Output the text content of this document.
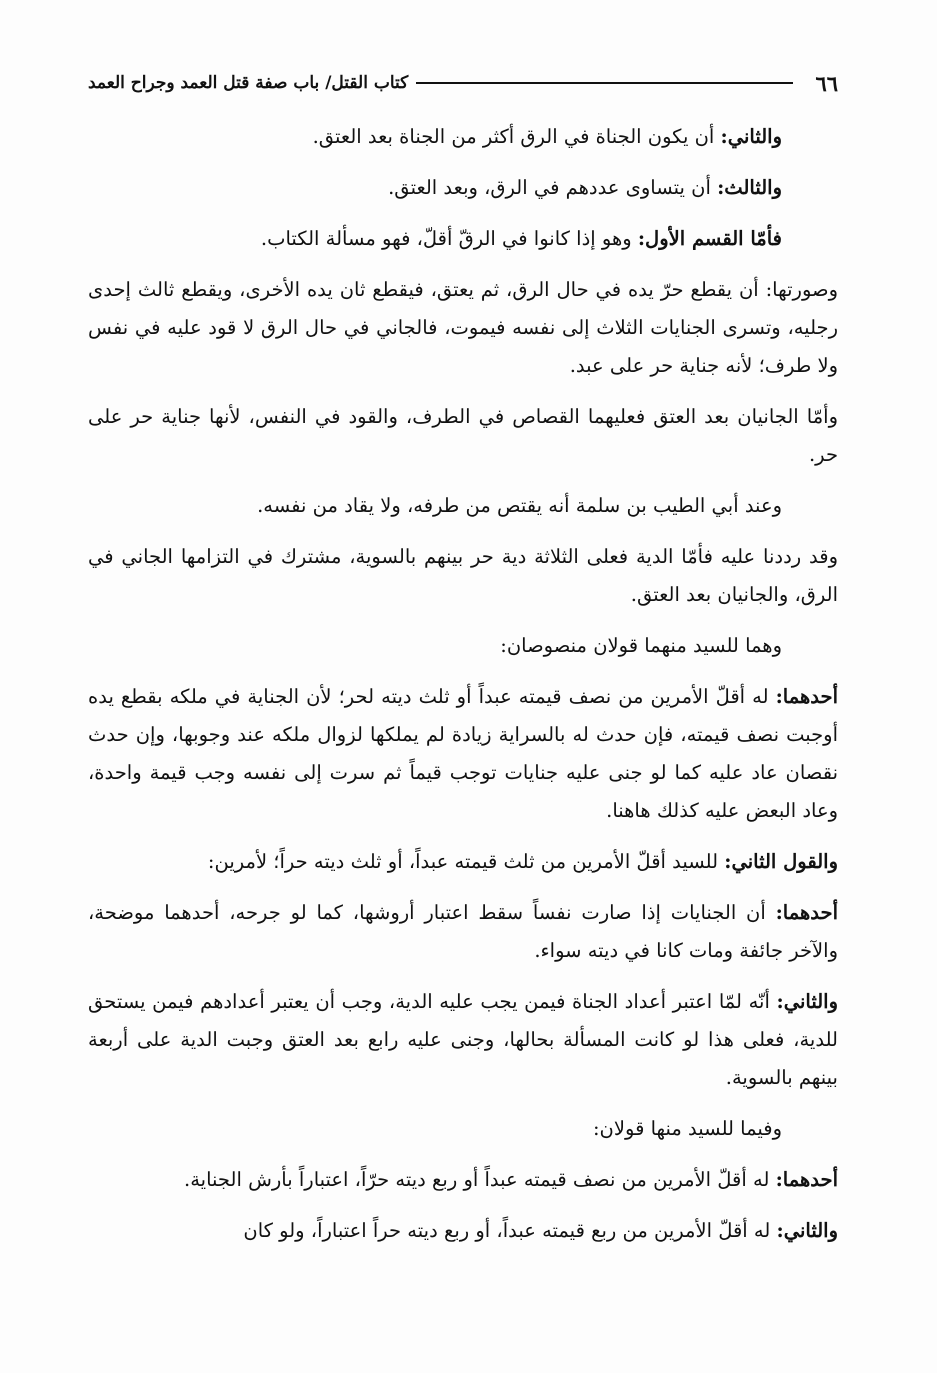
٦٦
كتاب القتل/ باب صفة قتل العمد وجراح العمد

والثاني: أن يكون الجناة في الرق أكثر من الجناة بعد العتق.

والثالث: أن يتساوى عددهم في الرق، وبعد العتق.

فأمّا القسم الأول: وهو إذا كانوا في الرقّ أقلّ، فهو مسألة الكتاب.

وصورتها: أن يقطع حرّ يده في حال الرق، ثم يعتق، فيقطع ثان يده الأخرى، ويقطع ثالث إحدى رجليه، وتسرى الجنايات الثلاث إلى نفسه فيموت، فالجاني في حال الرق لا قود عليه في نفس ولا طرف؛ لأنه جناية حر على عبد.

وأمّا الجانيان بعد العتق فعليهما القصاص في الطرف، والقود في النفس، لأنها جناية حر على حر.

وعند أبي الطيب بن سلمة أنه يقتص من طرفه، ولا يقاد من نفسه.

وقد رددنا عليه فأمّا الدية فعلى الثلاثة دية حر بينهم بالسوية، مشترك في التزامها الجاني في الرق، والجانيان بعد العتق.

وهما للسيد منهما قولان منصوصان:

أحدهما: له أقلّ الأمرين من نصف قيمته عبداً أو ثلث ديته لحر؛ لأن الجناية في ملكه بقطع يده أوجبت نصف قيمته، فإن حدث له بالسراية زيادة لم يملكها لزوال ملكه عند وجوبها، وإن حدث نقصان عاد عليه كما لو جنى عليه جنايات توجب قيماً ثم سرت إلى نفسه وجب قيمة واحدة، وعاد البعض عليه كذلك هاهنا.

والقول الثاني: للسيد أقلّ الأمرين من ثلث قيمته عبداً، أو ثلث ديته حراً؛ لأمرين:

أحدهما: أن الجنايات إذا صارت نفساً سقط اعتبار أروشها، كما لو جرحه، أحدهما موضحة، والآخر جائفة ومات كانا في ديته سواء.

والثاني: أنّه لمّا اعتبر أعداد الجناة فيمن يجب عليه الدية، وجب أن يعتبر أعدادهم فيمن يستحق للدية، فعلى هذا لو كانت المسألة بحالها، وجنى عليه رابع بعد العتق وجبت الدية على أربعة بينهم بالسوية.

وفيما للسيد منها قولان:

أحدهما: له أقلّ الأمرين من نصف قيمته عبداً أو ربع ديته حرّاً، اعتباراً بأرش الجناية.

والثاني: له أقلّ الأمرين من ربع قيمته عبداً، أو ربع ديته حراً اعتباراً، ولو كان
